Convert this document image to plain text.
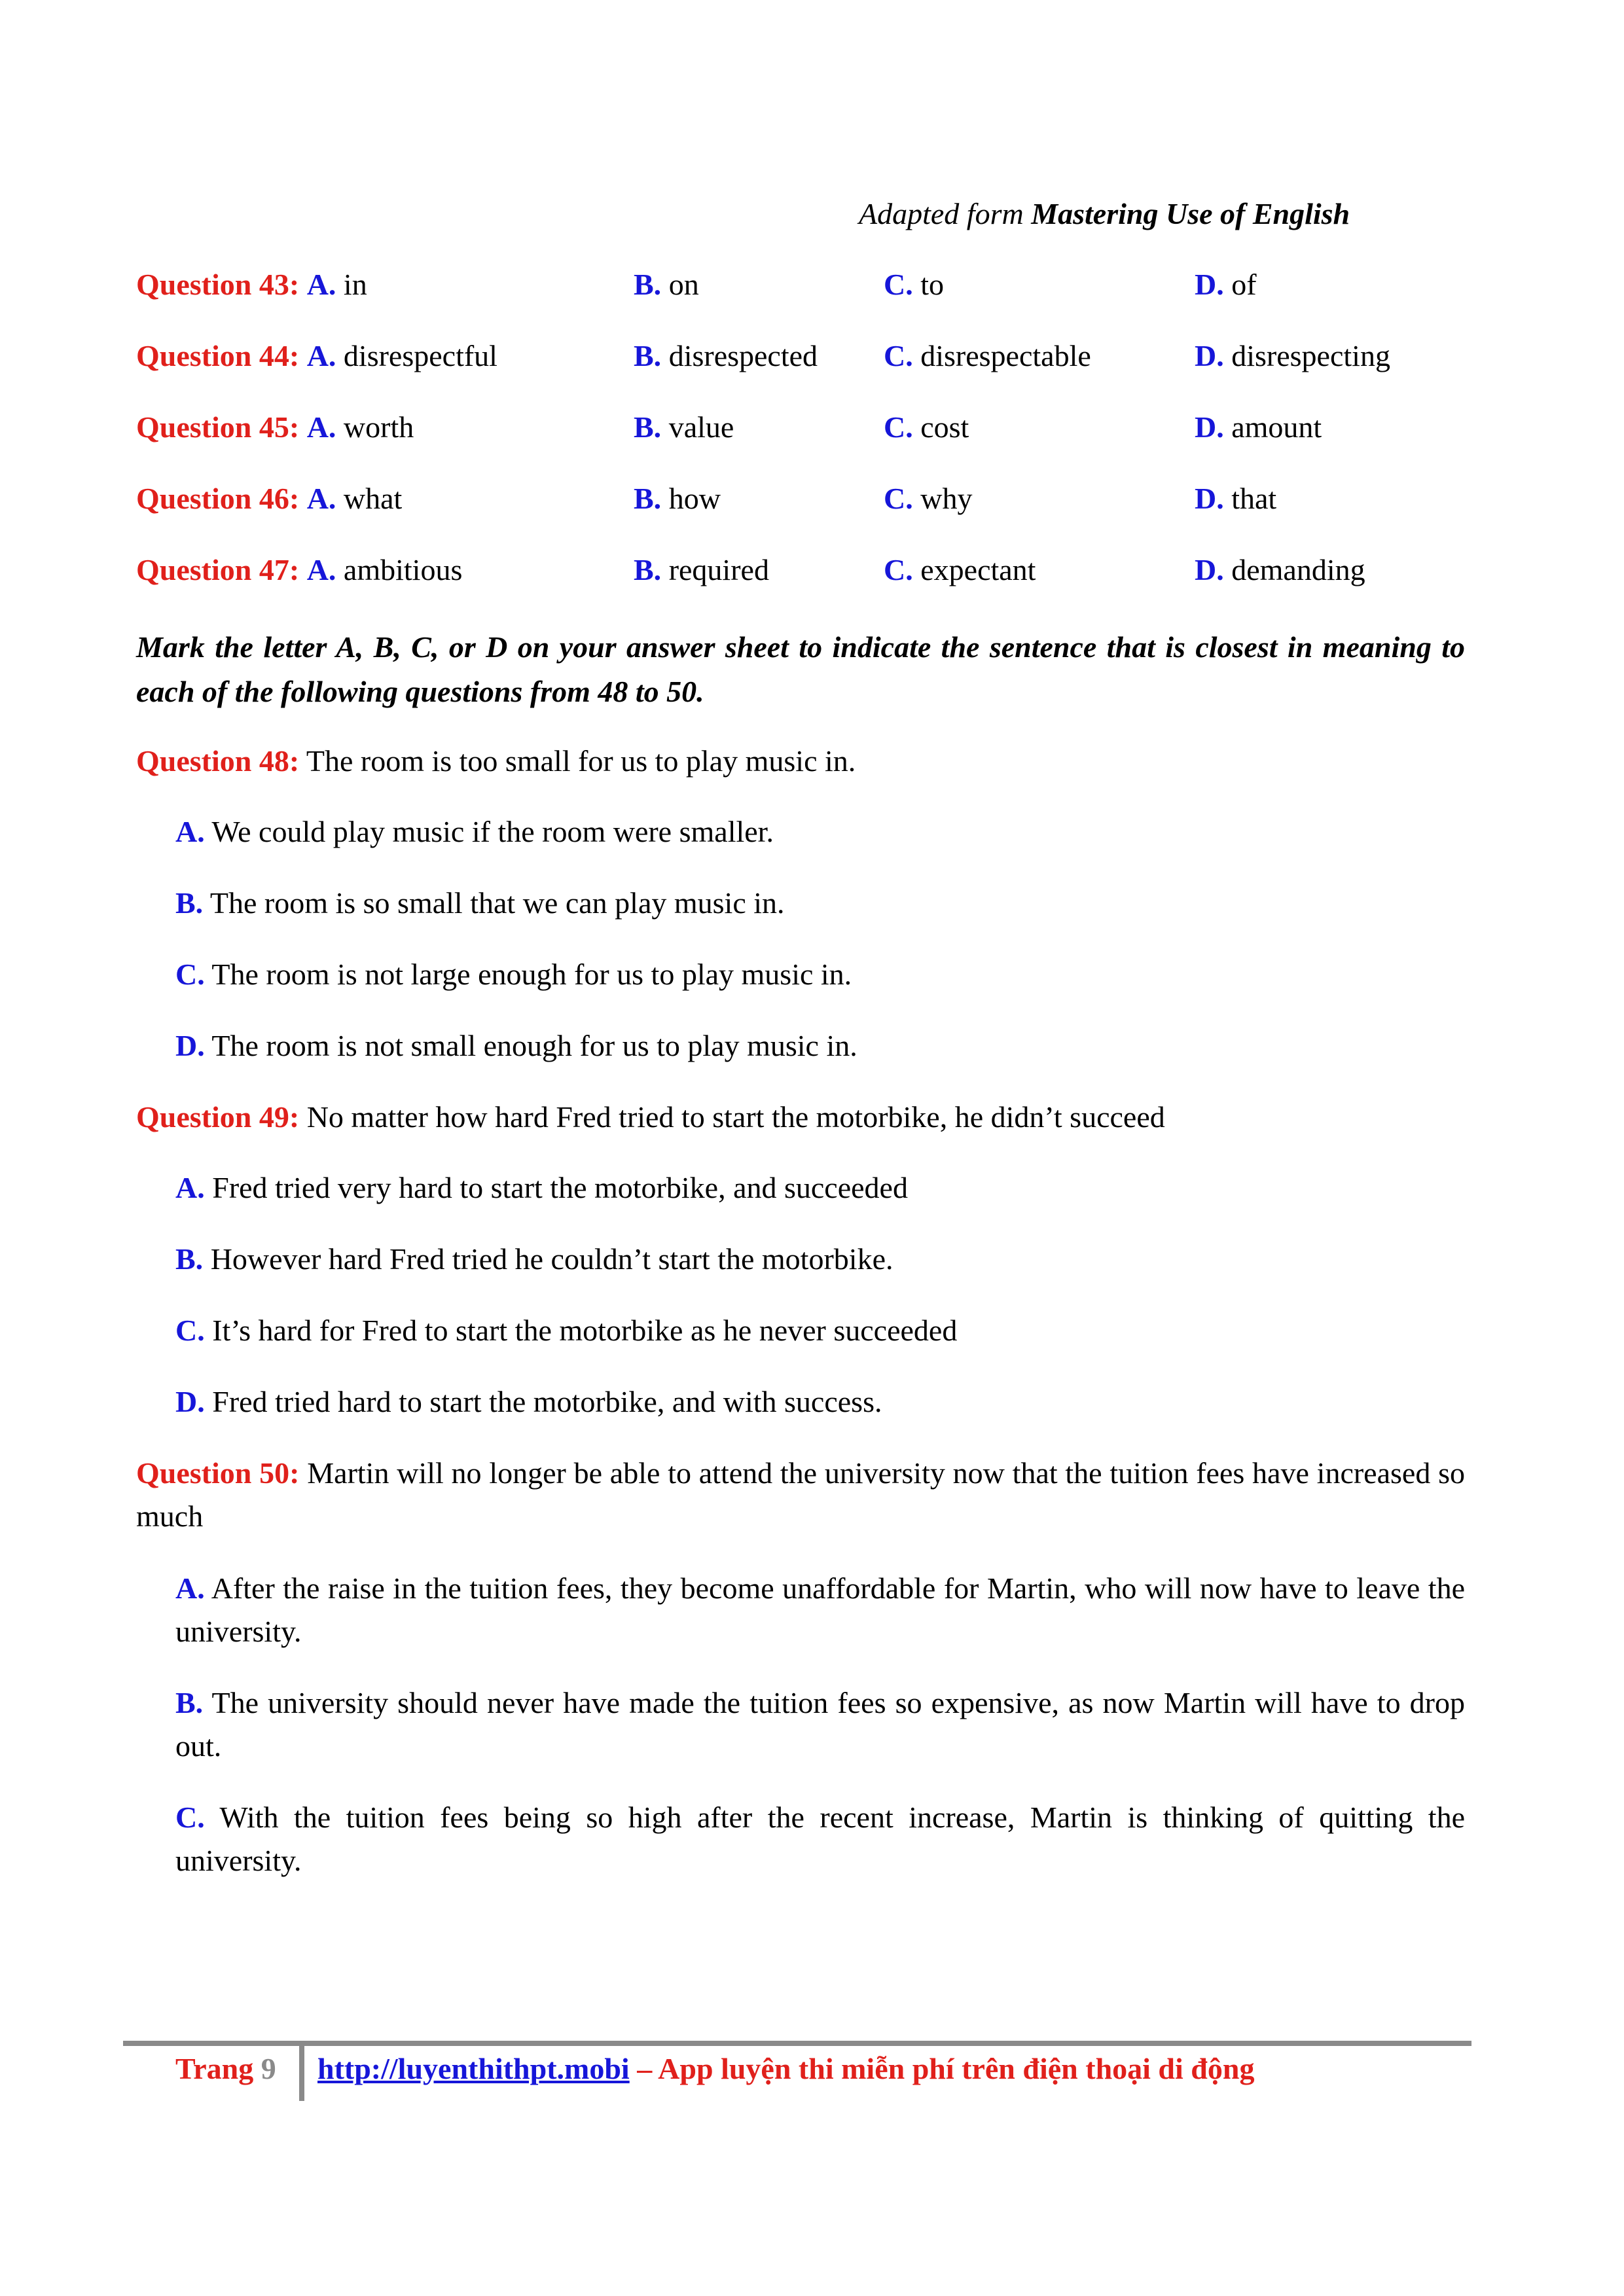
Adapted form Mastering Use of English
Question 43: A. in	B. on	C. to	D. of
Question 44: A. disrespectful	B. disrespected C. disrespectable	D. disrespecting
Question 45: A. worth	B. value	C. cost	D. amount
Question 46: A. what	B. how	C. why	D. that
Question 47: A. ambitious	B. required	C. expectant	D. demanding
Mark the letter A, B, C, or D on your answer sheet to indicate the sentence that is closest in meaning to each of the following questions from 48 to 50.
Question 48: The room is too small for us to play music in.
A. We could play music if the room were smaller.
B. The room is so small that we can play music in.
C. The room is not large enough for us to play music in.
D. The room is not small enough for us to play music in.
Question 49: No matter how hard Fred tried to start the motorbike, he didn’t succeed
A. Fred tried very hard to start the motorbike, and succeeded
B. However hard Fred tried he couldn’t start the motorbike.
C. It’s hard for Fred to start the motorbike as he never succeeded
D. Fred tried hard to start the motorbike, and with success.
Question 50: Martin will no longer be able to attend the university now that the tuition fees have increased so much
A. After the raise in the tuition fees, they become unaffordable for Martin, who will now have to leave the university.
B. The university should never have made the tuition fees so expensive, as now Martin will have to drop out.
C. With the tuition fees being so high after the recent increase, Martin is thinking of quitting the university.
Trang 9 http://luyenthithpt.mobi – App luyện thi miễn phí trên điện thoại di động
